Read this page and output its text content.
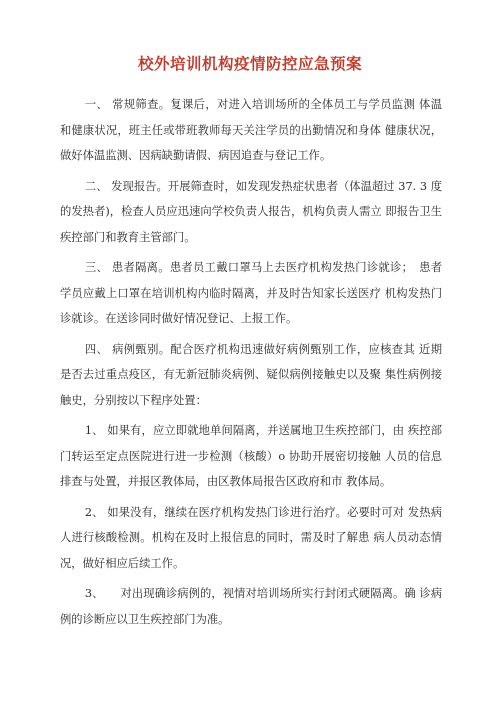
校外培训机构疫情防控应急预案

一、 常规筛查。复课后，对进入培训场所的全体员工与学员监测 体温和健康状况，班主任或带班教师每天关注学员的出勤情况和身体 健康状况，做好体温监测、因病缺勤请假、病因追查与登记工作。

二、 发现报告。开展筛查时，如发现发热症状患者（体温超过 37. 3 度的发热者)，检查人员应迅速向学校负责人报告，机构负责人需立 即报告卫生疾控部门和教育主管部门。

三、 患者隔离。患者员工戴口罩马上去医疗机构发热门诊就诊；　患者学员应戴上口罩在培训机构内临时隔离，并及时告知家长送医疗 机构发热门诊就诊。在送诊同时做好情况登记、上报工作。

四、 病例甄别。配合医疗机构迅速做好病例甄别工作，应核查其 近期是否去过重点疫区，有无新冠肺炎病例、疑似病例接触史以及聚 集性病例接触史，分别按以下程序处置：

1、 如果有，应立即就地单间隔离，并送属地卫生疾控部门，由 疾控部门转运至定点医院进行进一步检测（核酸）o 协助开展密切接触 人员的信息排查与处置，并报区教体局，由区教体局报告区政府和市 教体局。

2、 如果没有，继续在医疗机构发热门诊进行治疗。必要时可对 发热病人进行核酸检测。机构在及时上报信息的同时，需及时了解患 病人员动态情况，做好相应后续工作。

3、　　对出现确诊病例的，视情对培训场所实行封闭式硬隔离。确 诊病例的诊断应以卫生疾控部门为准。
